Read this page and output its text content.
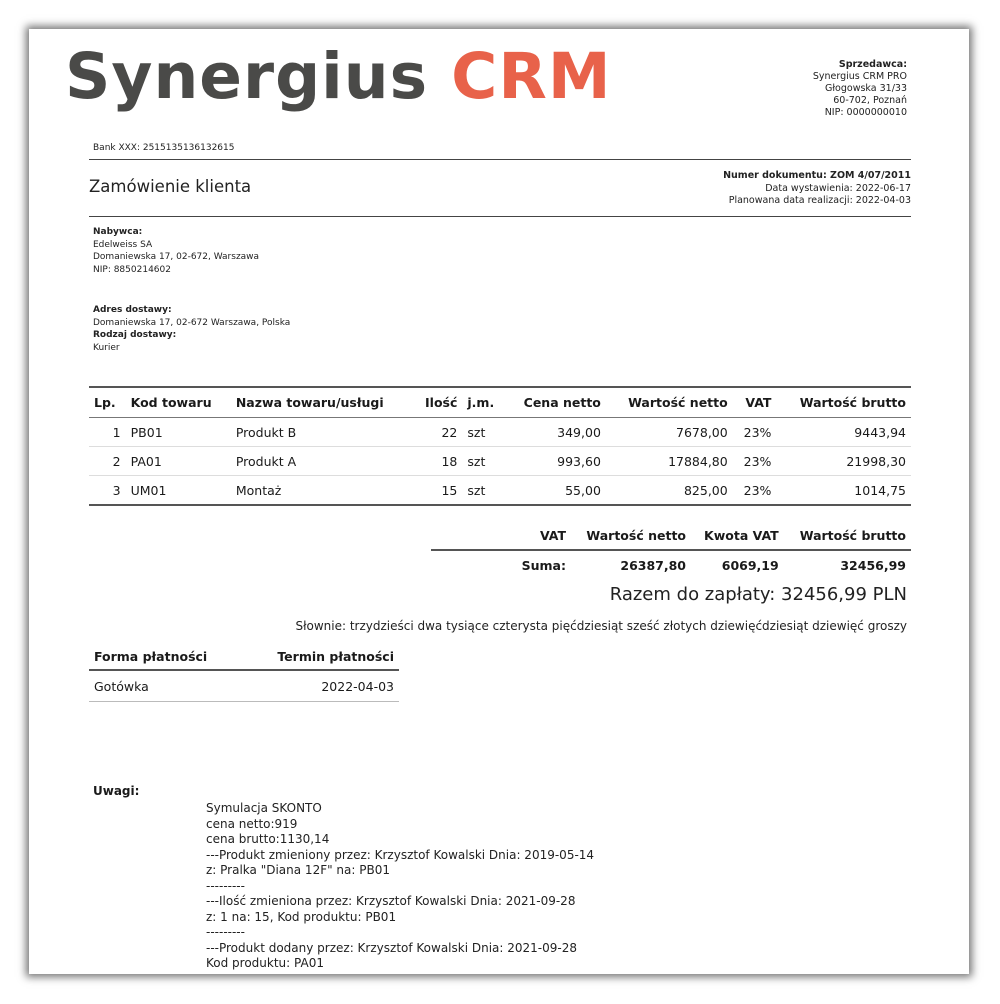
Synergius CRM	Sprzedawca:
Synergius CRM PRO
Głogowska 31/33
60-702, Poznań
NIP: 0000000010
Bank XXX: 2515135136132615
Zamówienie klienta
Numer dokumentu: ZOM 4/07/2011
Data wystawienia: 2022-06-17
Planowana data realizacji: 2022-04-03
Nabywca:
Edelweiss SA
Domaniewska 17, 02-672, Warszawa
NIP: 8850214602
Adres dostawy:
Domaniewska 17, 02-672 Warszawa, Polska
Rodzaj dostawy:
Kurier
Lp.	Kod towaru	Nazwa towaru/usługi	Ilość	j.m.	Cena netto	Wartość netto	VAT	Wartość brutto
1	PB01	Produkt B	22	szt	349,00	7678,00	23%	9443,94
2	PA01	Produkt A	18	szt	993,60	17884,80	23%	21998,30
3	UM01	Montaż	15	szt	55,00	825,00	23%	1014,75
VAT	Wartość netto	Kwota VAT	Wartość brutto
Suma:	26387,80	6069,19	32456,99
Razem do zapłaty: 32456,99 PLN
Słownie: trzydzieści dwa tysiące czterysta pięćdziesiąt sześć złotych dziewięćdziesiąt dziewięć groszy
Forma płatności	Termin płatności
Gotówka	2022-04-03
Uwagi:
Symulacja SKONTO
cena netto:919
cena brutto:1130,14
---Produkt zmieniony przez: Krzysztof Kowalski Dnia: 2019-05-14
z: Pralka "Diana 12F" na: PB01
---------
---Ilość zmieniona przez: Krzysztof Kowalski Dnia: 2021-09-28
z: 1 na: 15, Kod produktu: PB01
---------
---Produkt dodany przez: Krzysztof Kowalski Dnia: 2021-09-28
Kod produktu: PA01
